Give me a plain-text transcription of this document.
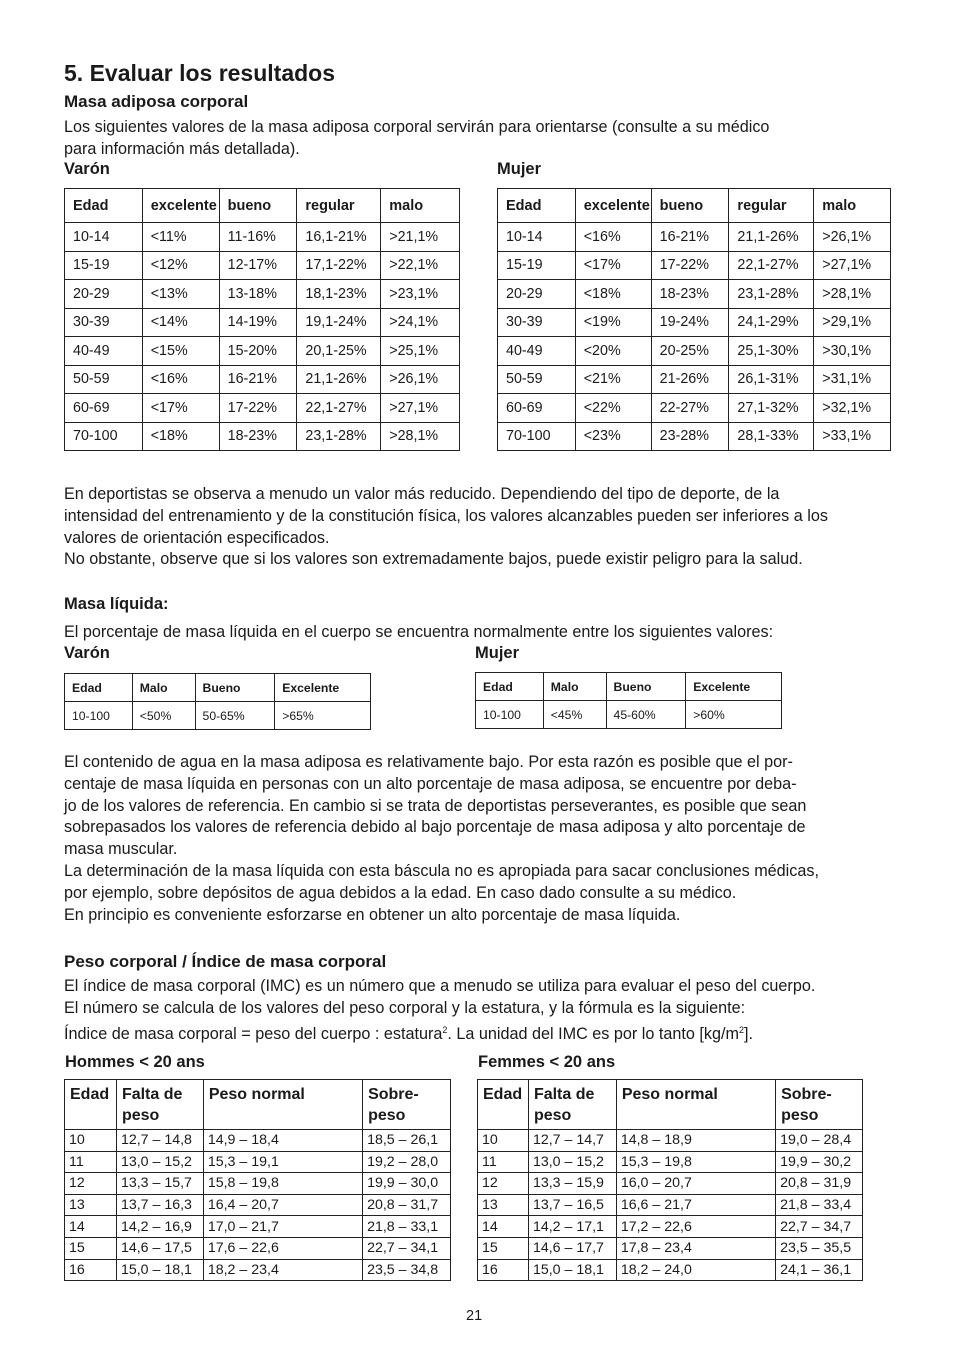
5. Evaluar los resultados
Masa adiposa corporal
Los siguientes valores de la masa adiposa corporal servirán para orientarse (consulte a su médico
para información más detallada).
Varón	Mujer
Edad	excelente	bueno	regular	malo
10-14	<11%	11-16%	16,1-21%	>21,1%
15-19	<12%	12-17%	17,1-22%	>22,1%
20-29	<13%	13-18%	18,1-23%	>23,1%
30-39	<14%	14-19%	19,1-24%	>24,1%
40-49	<15%	15-20%	20,1-25%	>25,1%
50-59	<16%	16-21%	21,1-26%	>26,1%
60-69	<17%	17-22%	22,1-27%	>27,1%
70-100	<18%	18-23%	23,1-28%	>28,1%
Edad	excelente	bueno	regular	malo
10-14	<16%	16-21%	21,1-26%	>26,1%
15-19	<17%	17-22%	22,1-27%	>27,1%
20-29	<18%	18-23%	23,1-28%	>28,1%
30-39	<19%	19-24%	24,1-29%	>29,1%
40-49	<20%	20-25%	25,1-30%	>30,1%
50-59	<21%	21-26%	26,1-31%	>31,1%
60-69	<22%	22-27%	27,1-32%	>32,1%
70-100	<23%	23-28%	28,1-33%	>33,1%
En deportistas se observa a menudo un valor más reducido. Dependiendo del tipo de deporte, de la
intensidad del entrenamiento y de la constitución física, los valores alcanzables pueden ser inferiores a los
valores de orientación especificados.
No obstante, observe que si los valores son extremadamente bajos, puede existir peligro para la salud.
Masa líquida:
El porcentaje de masa líquida en el cuerpo se encuentra normalmente entre los siguientes valores:
Varón	Mujer
Edad	Malo	Bueno	Excelente
10-100	<50%	50-65%	>65%
Edad	Malo	Bueno	Excelente
10-100	<45%	45-60%	>60%
El contenido de agua en la masa adiposa es relativamente bajo. Por esta razón es posible que el por-
centaje de masa líquida en personas con un alto porcentaje de masa adiposa, se encuentre por deba-
jo de los valores de referencia. En cambio si se trata de deportistas perseverantes, es posible que sean
sobrepasados los valores de referencia debido al bajo porcentaje de masa adiposa y alto porcentaje de
masa muscular.
La determinación de la masa líquida con esta báscula no es apropiada para sacar conclusiones médicas,
por ejemplo, sobre depósitos de agua debidos a la edad. En caso dado consulte a su médico.
En principio es conveniente esforzarse en obtener un alto porcentaje de masa líquida.
Peso corporal / Índice de masa corporal
El índice de masa corporal (IMC) es un número que a menudo se utiliza para evaluar el peso del cuerpo.
El número se calcula de los valores del peso corporal y la estatura, y la fórmula es la siguiente:
Índice de masa corporal = peso del cuerpo : estatura$^2$. La unidad del IMC es por lo tanto $[kg/m^2]$.
Hommes < 20 ans	Femmes < 20 ans
Edad	Falta de peso	Peso normal	Sobre- peso
10	12,7 – 14,8	14,9 – 18,4	18,5 – 26,1
11	13,0 – 15,2	15,3 – 19,1	19,2 – 28,0
12	13,3 – 15,7	15,8 – 19,8	19,9 – 30,0
13	13,7 – 16,3	16,4 – 20,7	20,8 – 31,7
14	14,2 – 16,9	17,0 – 21,7	21,8 – 33,1
15	14,6 – 17,5	17,6 – 22,6	22,7 – 34,1
16	15,0 – 18,1	18,2 – 23,4	23,5 – 34,8
Edad	Falta de peso	Peso normal	Sobre- peso
10	12,7 – 14,7	14,8 – 18,9	19,0 – 28,4
11	13,0 – 15,2	15,3 – 19,8	19,9 – 30,2
12	13,3 – 15,9	16,0 – 20,7	20,8 – 31,9
13	13,7 – 16,5	16,6 – 21,7	21,8 – 33,4
14	14,2 – 17,1	17,2 – 22,6	22,7 – 34,7
15	14,6 – 17,7	17,8 – 23,4	23,5 – 35,5
16	15,0 – 18,1	18,2 – 24,0	24,1 – 36,1
21
